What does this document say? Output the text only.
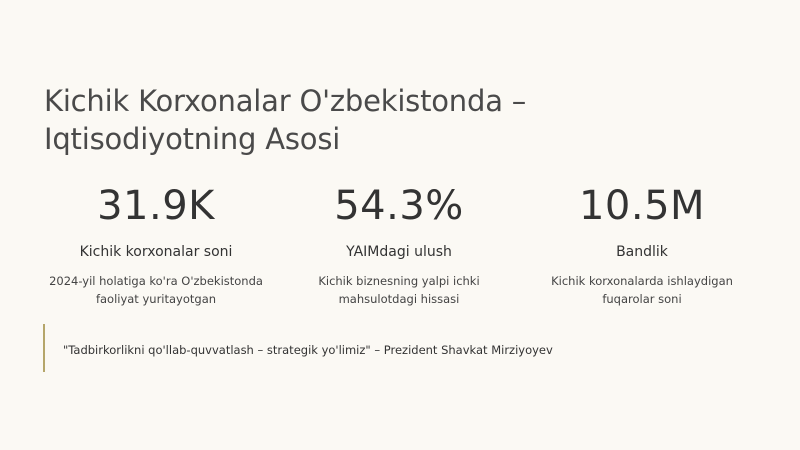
Kichik Korxonalar O'zbekistonda – Iqtisodiyotning Asosi
31.9K
Kichik korxonalar soni
2024-yil holatiga ko'ra O'zbekistonda faoliyat yuritayotgan
54.3%
YAIMdagi ulush
Kichik biznesning yalpi ichki mahsulotdagi hissasi
10.5M
Bandlik
Kichik korxonalarda ishlaydigan fuqarolar soni
"Tadbirkorlikni qo'llab-quvvatlash – strategik yo'limiz" – Prezident Shavkat Mirziyoyev
